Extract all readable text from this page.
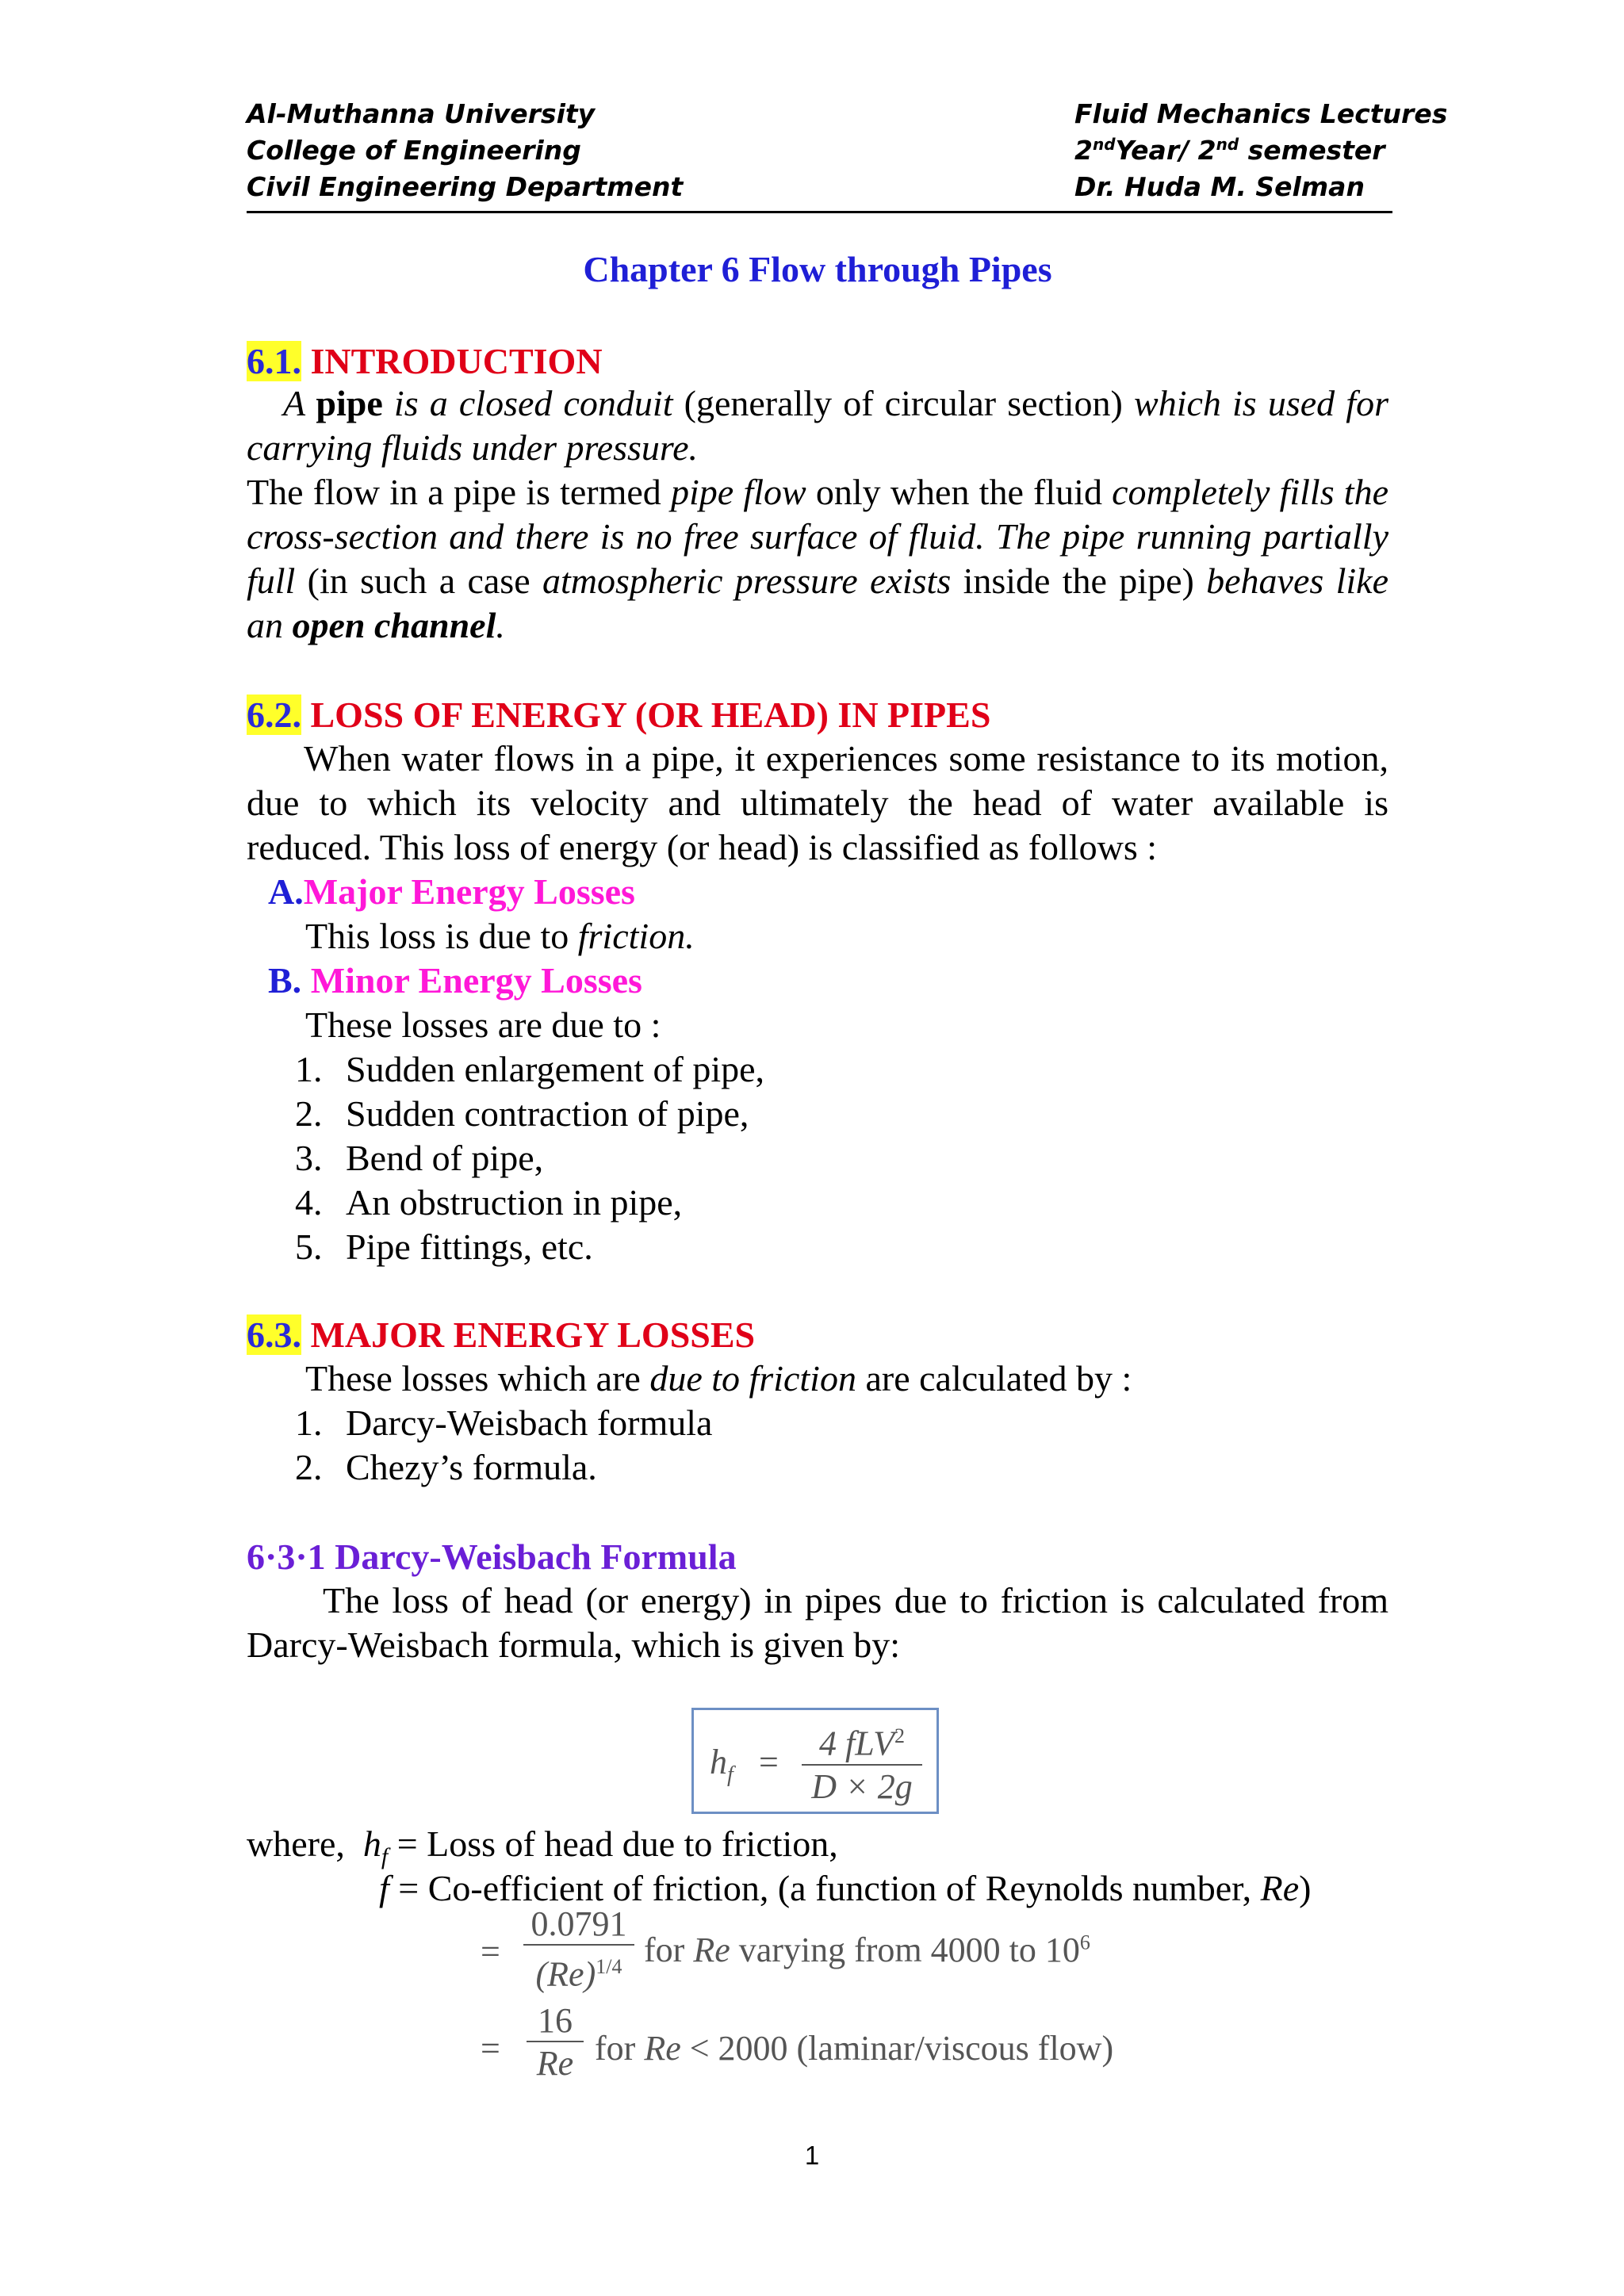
Al-Muthanna University
College of Engineering
Civil Engineering Department
Fluid Mechanics Lectures
2ndYear/ 2nd semester
Dr. Huda M. Selman
Chapter 6 Flow through Pipes
6.1. INTRODUCTION
A pipe is a closed conduit (generally of circular section) which is used for carrying fluids under pressure.
The flow in a pipe is termed pipe flow only when the fluid completely fills the cross-section and there is no free surface of fluid. The pipe running partially full (in such a case atmospheric pressure exists inside the pipe) behaves like an open channel.
6.2. LOSS OF ENERGY (OR HEAD) IN PIPES
When water flows in a pipe, it experiences some resistance to its motion, due to which its velocity and ultimately the head of water available is reduced. This loss of energy (or head) is classified as follows :
A.Major Energy Losses
This loss is due to friction.
B. Minor Energy Losses
These losses are due to :
1. Sudden enlargement of pipe,
2. Sudden contraction of pipe,
3. Bend of pipe,
4. An obstruction in pipe,
5. Pipe fittings, etc.
6.3. MAJOR ENERGY LOSSES
These losses which are due to friction are calculated by :
1. Darcy-Weisbach formula
2. Chezy’s formula.
6·3·1 Darcy-Weisbach Formula
The loss of head (or energy) in pipes due to friction is calculated from Darcy-Weisbach formula, which is given by:
$h_f$ =	4 fLV$^2$
D × 2g
where, $h_f$ = Loss of head due to friction,
f = Co-efficient of friction, (a function of Reynolds number, Re)
=
0.0791
$(Re)^{1/4}$ for Re varying from 4000 to $10^6$
=
16
Re for Re < 2000 (laminar/viscous flow)
1
